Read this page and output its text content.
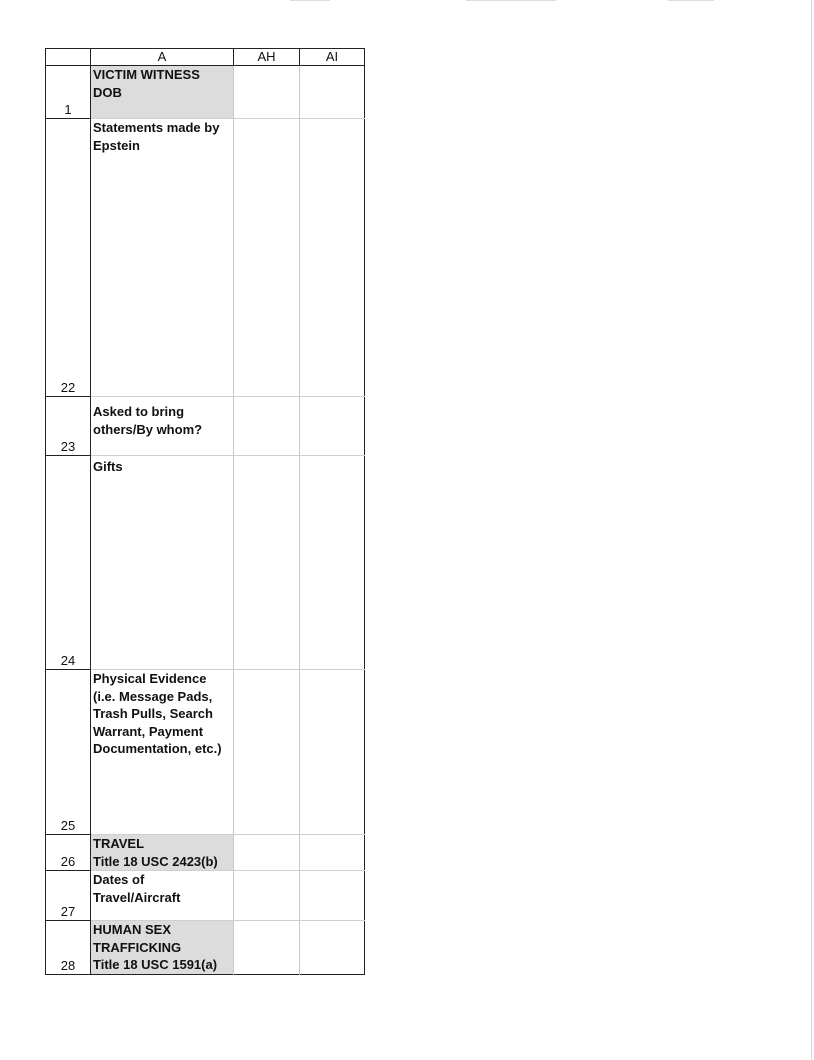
	A	AH	AI

1	VICTIM WITNESS
DOB		

22	Statements made by
Epstein		

23	Asked to bring
others/By whom?		

24	Gifts		

25	Physical Evidence
(i.e. Message Pads,
Trash Pulls, Search
Warrant, Payment
Documentation, etc.)		

26	TRAVEL
Title 18 USC 2423(b)		

27	Dates of
Travel/Aircraft		

28	HUMAN SEX
TRAFFICKING
Title 18 USC 1591(a)		
